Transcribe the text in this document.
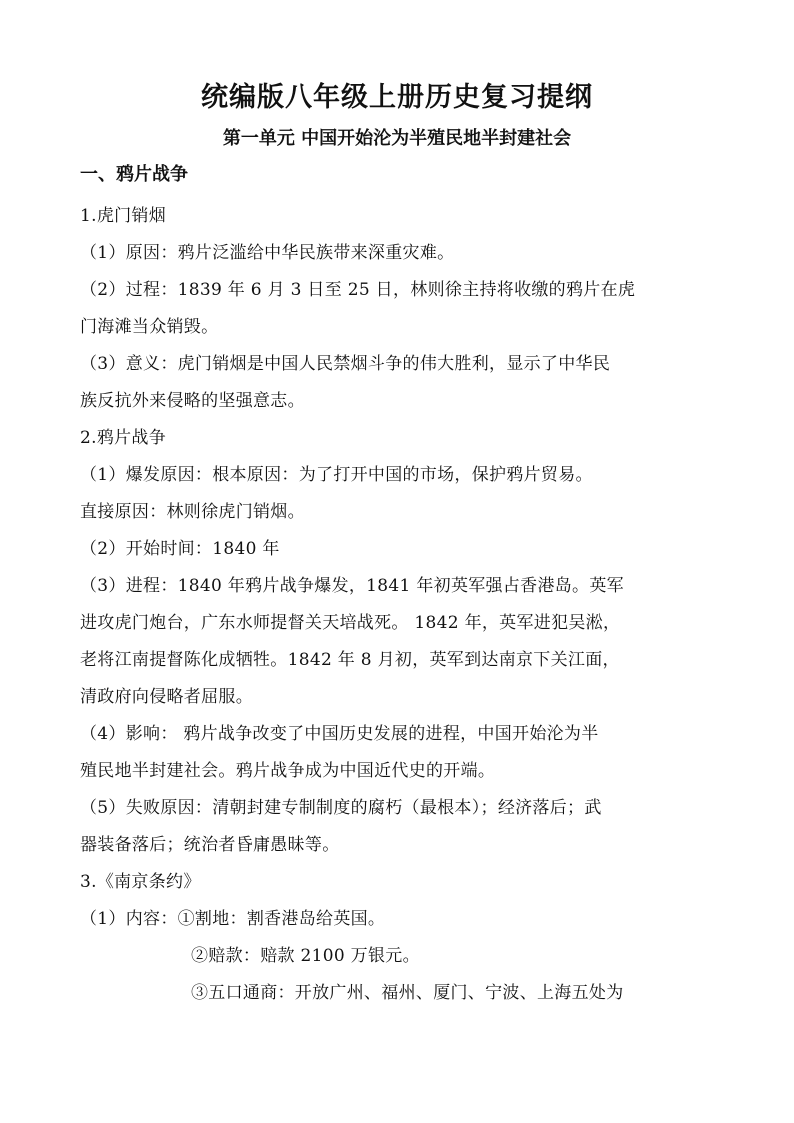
统编版八年级上册历史复习提纲
第一单元 中国开始沦为半殖民地半封建社会
一、鸦片战争

1.虎门销烟

（1）原因：鸦片泛滥给中华民族带来深重灾难。

（2）过程：1839 年 6 月 3 日至 25 日，林则徐主持将收缴的鸦片在虎

门海滩当众销毁。

（3）意义：虎门销烟是中国人民禁烟斗争的伟大胜利，显示了中华民

族反抗外来侵略的坚强意志。

2.鸦片战争

（1）爆发原因：根本原因：为了打开中国的市场，保护鸦片贸易。

直接原因：林则徐虎门销烟。

（2）开始时间：1840 年

（3）进程：1840 年鸦片战争爆发，1841 年初英军强占香港岛。英军

进攻虎门炮台，广东水师提督关天培战死。 1842 年，英军进犯吴淞，

老将江南提督陈化成牺牲。1842 年 8 月初，英军到达南京下关江面，

清政府向侵略者屈服。

（4）影响： 鸦片战争改变了中国历史发展的进程，中国开始沦为半

殖民地半封建社会。鸦片战争成为中国近代史的开端。

（5）失败原因：清朝封建专制制度的腐朽（最根本）；经济落后；武

器装备落后；统治者昏庸愚昧等。

3.《南京条约》

（1）内容：①割地：割香港岛给英国。

②赔款：赔款 2100 万银元。

③五口通商：开放广州、福州、厦门、宁波、上海五处为
